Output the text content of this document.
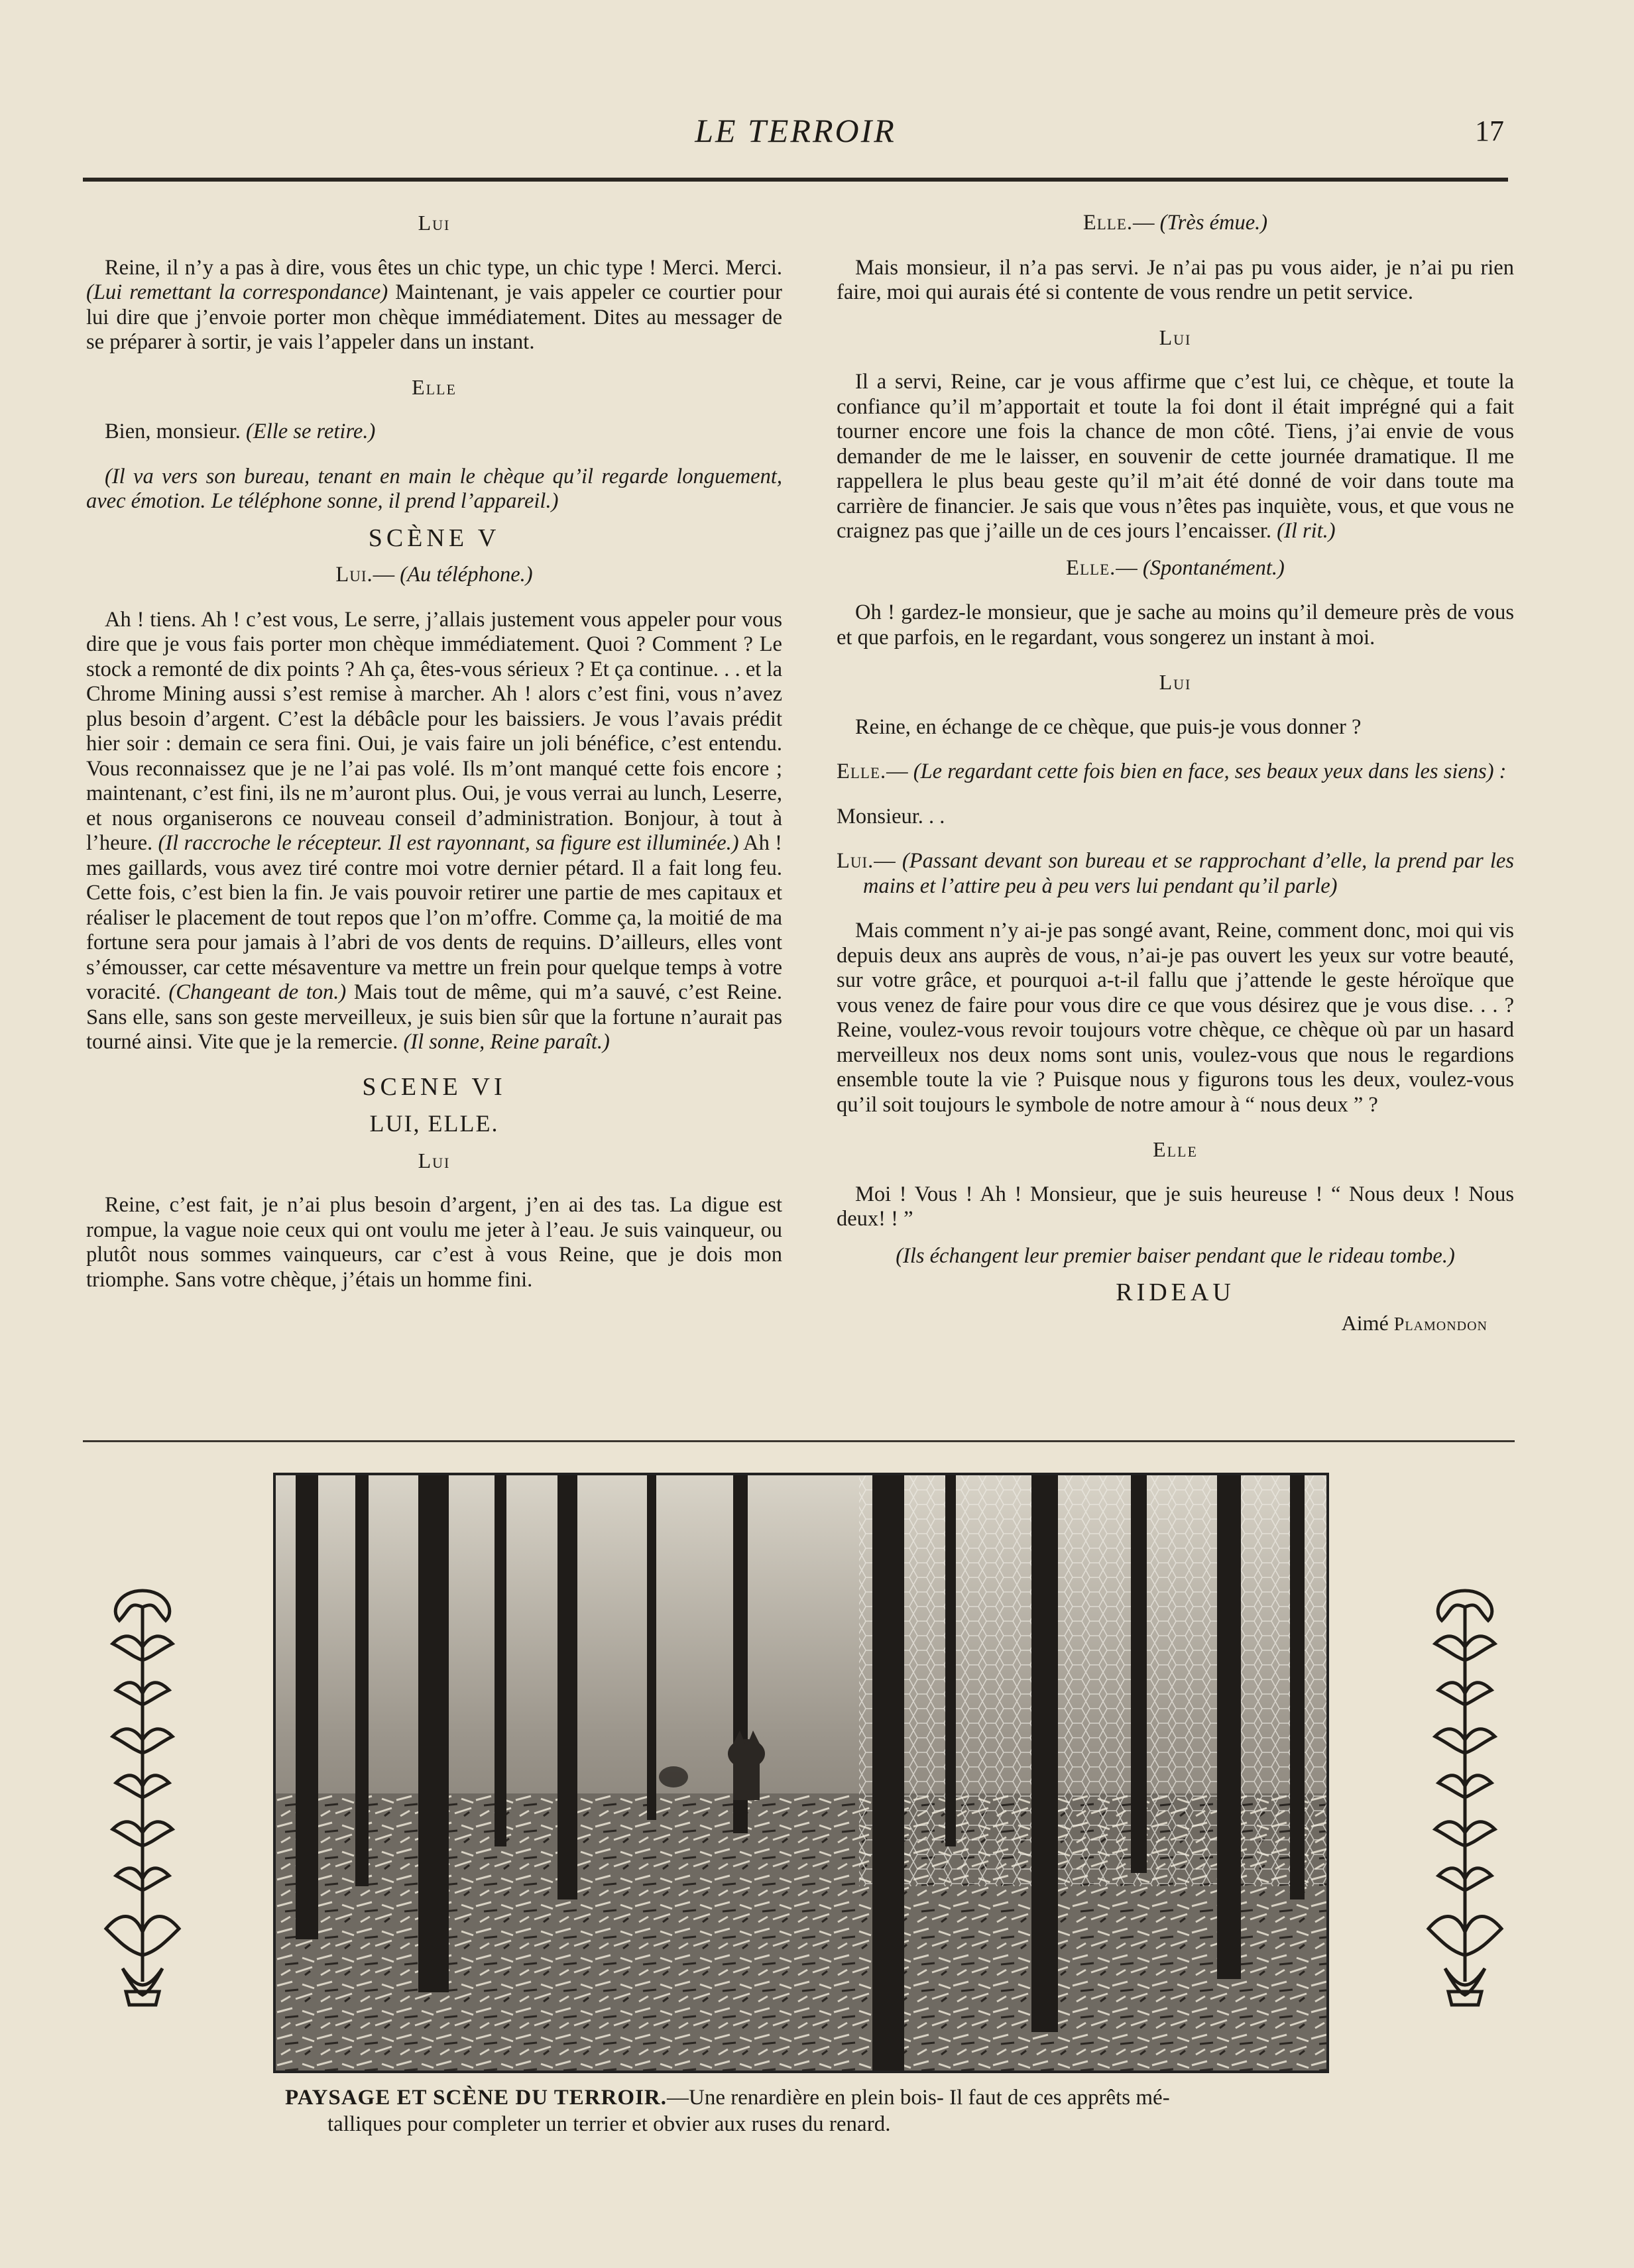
LE TERROIR	17
Lui

Reine, il n’y a pas à dire, vous êtes un chic type, un chic type ! Merci. Merci. (Lui remettant la correspondance) Maintenant, je vais appeler ce courtier pour lui dire que j’envoie porter mon chèque immédiatement. Dites au messager de se préparer à sortir, je vais l’appeler dans un instant.

Elle

Bien, monsieur. (Elle se retire.)

(Il va vers son bureau, tenant en main le chèque qu’il regarde longuement, avec émotion. Le téléphone sonne, il prend l’appareil.)

SCÈNE V
Lui.— (Au téléphone.)

Ah ! tiens. Ah ! c’est vous, Le serre, j’allais justement vous appeler pour vous dire que je vous fais porter mon chèque immédiatement. Quoi ? Comment ? Le stock a remonté de dix points ? Ah ça, êtes-vous sérieux ? Et ça continue. . . et la Chrome Mining aussi s’est remise à marcher. Ah ! alors c’est fini, vous n’avez plus besoin d’argent. C’est la débâcle pour les baissiers. Je vous l’avais prédit hier soir : demain ce sera fini. Oui, je vais faire un joli bénéfice, c’est entendu. Vous reconnaissez que je ne l’ai pas volé. Ils m’ont manqué cette fois encore ; maintenant, c’est fini, ils ne m’auront plus. Oui, je vous verrai au lunch, Leserre, et nous organiserons ce nouveau conseil d’administration. Bonjour, à tout à l’heure. (Il raccroche le récepteur. Il est rayonnant, sa figure est illuminée.) Ah ! mes gaillards, vous avez tiré contre moi votre dernier pétard. Il a fait long feu. Cette fois, c’est bien la fin. Je vais pouvoir retirer une partie de mes capitaux et réaliser le placement de tout repos que l’on m’offre. Comme ça, la moitié de ma fortune sera pour jamais à l’abri de vos dents de requins. D’ailleurs, elles vont s’émousser, car cette mésaventure va mettre un frein pour quelque temps à votre voracité. (Changeant de ton.) Mais tout de même, qui m’a sauvé, c’est Reine. Sans elle, sans son geste merveilleux, je suis bien sûr que la fortune n’aurait pas tourné ainsi. Vite que je la remercie. (Il sonne, Reine paraît.)

SCENE VI
LUI, ELLE.
Lui

Reine, c’est fait, je n’ai plus besoin d’argent, j’en ai des tas. La digue est rompue, la vague noie ceux qui ont voulu me jeter à l’eau. Je suis vainqueur, ou plutôt nous sommes vainqueurs, car c’est à vous Reine, que je dois mon triomphe. Sans votre chèque, j’étais un homme fini.

Elle.— (Très émue.)

Mais monsieur, il n’a pas servi. Je n’ai pas pu vous aider, je n’ai pu rien faire, moi qui aurais été si contente de vous rendre un petit service.

Lui

Il a servi, Reine, car je vous affirme que c’est lui, ce chèque, et toute la confiance qu’il m’apportait et toute la foi dont il était imprégné qui a fait tourner encore une fois la chance de mon côté. Tiens, j’ai envie de vous demander de me le laisser, en souvenir de cette journée dramatique. Il me rappellera le plus beau geste qu’il m’ait été donné de voir dans toute ma carrière de financier. Je sais que vous n’êtes pas inquiète, vous, et que vous ne craignez pas que j’aille un de ces jours l’encaisser. (Il rit.)

Elle.— (Spontanément.)

Oh ! gardez-le monsieur, que je sache au moins qu’il demeure près de vous et que parfois, en le regardant, vous songerez un instant à moi.

Lui

Reine, en échange de ce chèque, que puis-je vous donner ?

Elle.— (Le regardant cette fois bien en face, ses beaux yeux dans les siens) :

Monsieur. . .

Lui.— (Passant devant son bureau et se rapprochant d’elle, la prend par les mains et l’attire peu à peu vers lui pendant qu’il parle)

Mais comment n’y ai-je pas songé avant, Reine, comment donc, moi qui vis depuis deux ans auprès de vous, n’ai-je pas ouvert les yeux sur votre beauté, sur votre grâce, et pourquoi a-t-il fallu que j’attende le geste héroïque que vous venez de faire pour vous dire ce que vous désirez que je vous dise. . . ? Reine, voulez-vous revoir toujours votre chèque, ce chèque où par un hasard merveilleux nos deux noms sont unis, voulez-vous que nous le regardions ensemble toute la vie ? Puisque nous y figurons tous les deux, voulez-vous qu’il soit toujours le symbole de notre amour à “ nous deux ” ?

Elle

Moi ! Vous ! Ah ! Monsieur, que je suis heureuse ! “ Nous deux ! Nous deux! ! ”

(Ils échangent leur premier baiser pendant que le rideau tombe.)

RIDEAU
Aimé Plamondon
PAYSAGE ET SCÈNE DU TERROIR.—Une renardière en plein bois- Il faut de ces apprêts mé-
talliques pour completer un terrier et obvier aux ruses du renard.
